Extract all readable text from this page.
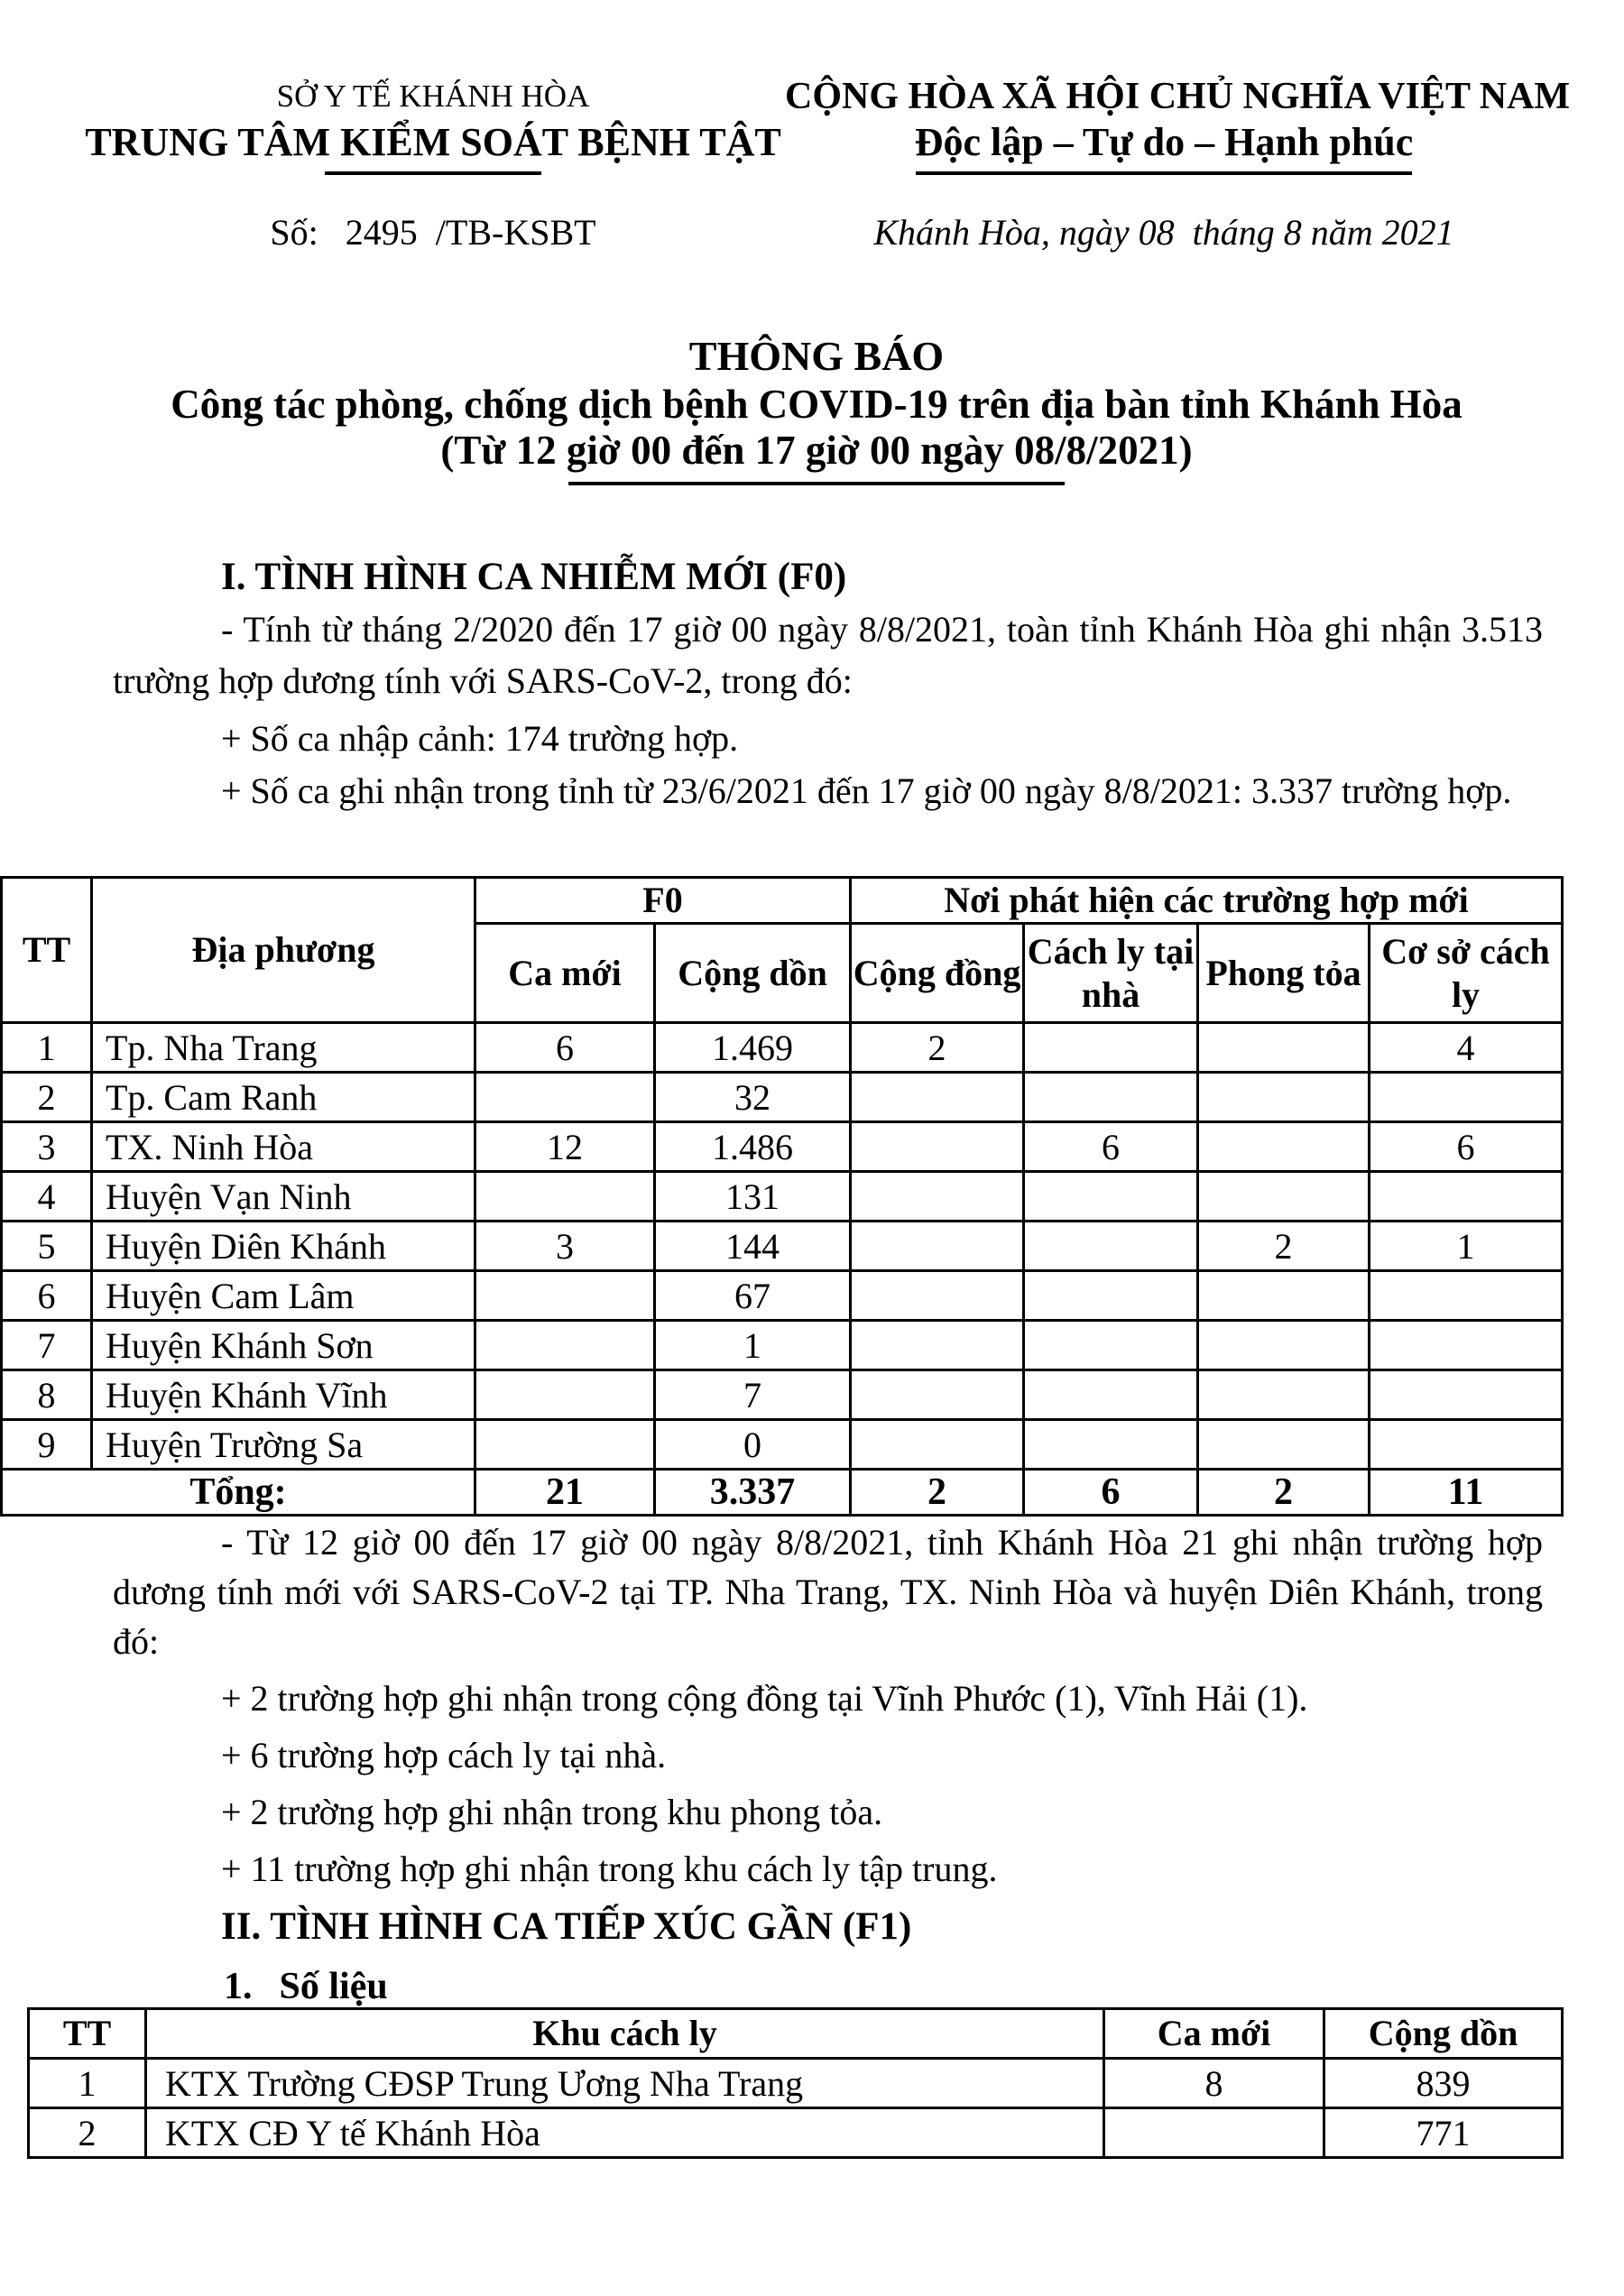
SỞ Y TẾ KHÁNH HÒA
TRUNG TÂM KIỂM SOÁT BỆNH TẬT
Số:   2495  /TB-KSBT
CỘNG HÒA XÃ HỘI CHỦ NGHĨA VIỆT NAM
Độc lập – Tự do – Hạnh phúc
Khánh Hòa, ngày 08  tháng 8 năm 2021
THÔNG BÁO
Công tác phòng, chống dịch bệnh COVID-19 trên địa bàn tỉnh Khánh Hòa
(Từ 12 giờ 00 đến 17 giờ 00 ngày 08/8/2021)
I. TÌNH HÌNH CA NHIỄM MỚI (F0)
- Tính từ tháng 2/2020 đến 17 giờ 00 ngày 8/8/2021, toàn tỉnh Khánh Hòa ghi nhận 3.513 trường hợp dương tính với SARS-CoV-2, trong đó:
+ Số ca nhập cảnh: 174 trường hợp.
+ Số ca ghi nhận trong tỉnh từ 23/6/2021 đến 17 giờ 00 ngày 8/8/2021: 3.337 trường hợp.
TT	Địa phương	F0		Nơi phát hiện các trường hợp mới			
		Ca mới	Cộng dồn	Cộng đồng	Cách ly tại nhà	Phong tỏa	Cơ sở cách ly
1	Tp. Nha Trang	6	1.469	2			4
2	Tp. Cam Ranh		32				
3	TX. Ninh Hòa	12	1.486		6		6
4	Huyện Vạn Ninh		131				
5	Huyện Diên Khánh	3	144			2	1
6	Huyện Cam Lâm		67				
7	Huyện Khánh Sơn		1				
8	Huyện Khánh Vĩnh		7				
9	Huyện Trường Sa		0				
Tổng:		21	3.337	2	6	2	11
- Từ 12 giờ 00 đến 17 giờ 00 ngày 8/8/2021, tỉnh Khánh Hòa 21 ghi nhận trường hợp dương tính mới với SARS-CoV-2 tại TP. Nha Trang, TX. Ninh Hòa và huyện Diên Khánh, trong đó:
+ 2 trường hợp ghi nhận trong cộng đồng tại Vĩnh Phước (1), Vĩnh Hải (1).
+ 6 trường hợp cách ly tại nhà.
+ 2 trường hợp ghi nhận trong khu phong tỏa.
+ 11 trường hợp ghi nhận trong khu cách ly tập trung.
II. TÌNH HÌNH CA TIẾP XÚC GẦN (F1)
1. Số liệu
TT	Khu cách ly	Ca mới	Cộng dồn
1	KTX Trường CĐSP Trung Ương Nha Trang	8	839
2	KTX CĐ Y tế Khánh Hòa		771
